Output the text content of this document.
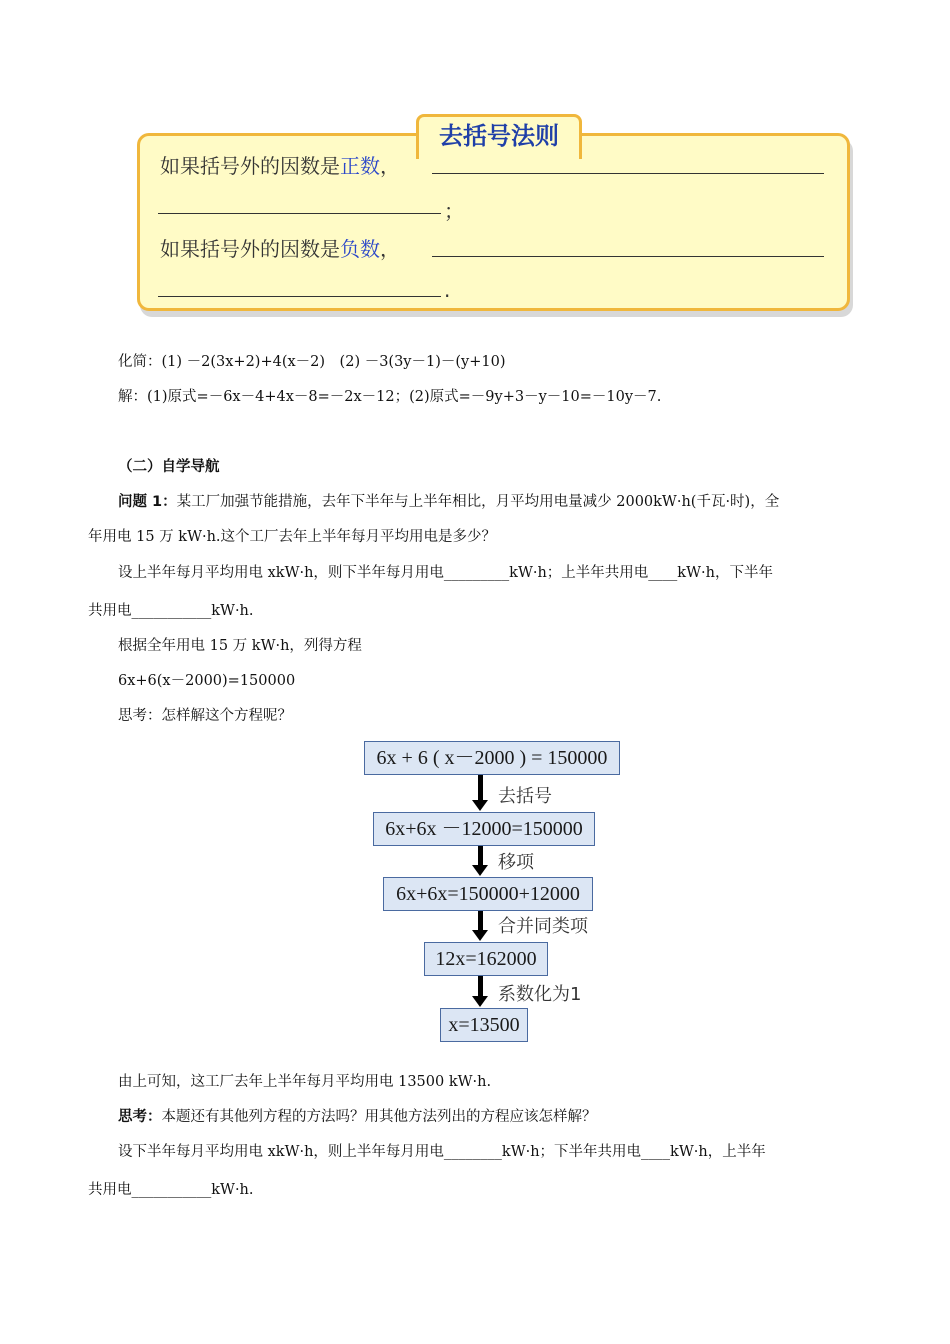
去括号法则
如果括号外的因数是正数，
；
如果括号外的因数是负数，
.
化简：(1) －2(3x+2)+4(x－2)　(2) －3(3y－1)－(y+10)
解：(1)原式=－6x－4+4x－8=－2x－12；(2)原式=－9y+3－y－10=－10y－7.
（二）自学导航
问题 1：某工厂加强节能措施，去年下半年与上半年相比，月平均用电量减少 2000kW·h(千瓦·时)，全
年用电 15 万 kW·h.这个工厂去年上半年每月平均用电是多少？
设上半年每月平均用电 xkW·h，则下半年每月用电_________kW·h；上半年共用电____kW·h，下半年
共用电___________kW·h.
根据全年用电 15 万 kW·h，列得方程
6x+6(x－2000)=150000
思考：怎样解这个方程呢？
6x + 6 ( x－2000 ) = 150000
去括号
6x+6x －12000=150000
移项
6x+6x=150000+12000
合并同类项
12x=162000
系数化为1
x=13500
由上可知，这工厂去年上半年每月平均用电 13500 kW·h.
思考：本题还有其他列方程的方法吗？用其他方法列出的方程应该怎样解？
设下半年每月平均用电 xkW·h，则上半年每月用电________kW·h；下半年共用电____kW·h，上半年
共用电___________kW·h.
